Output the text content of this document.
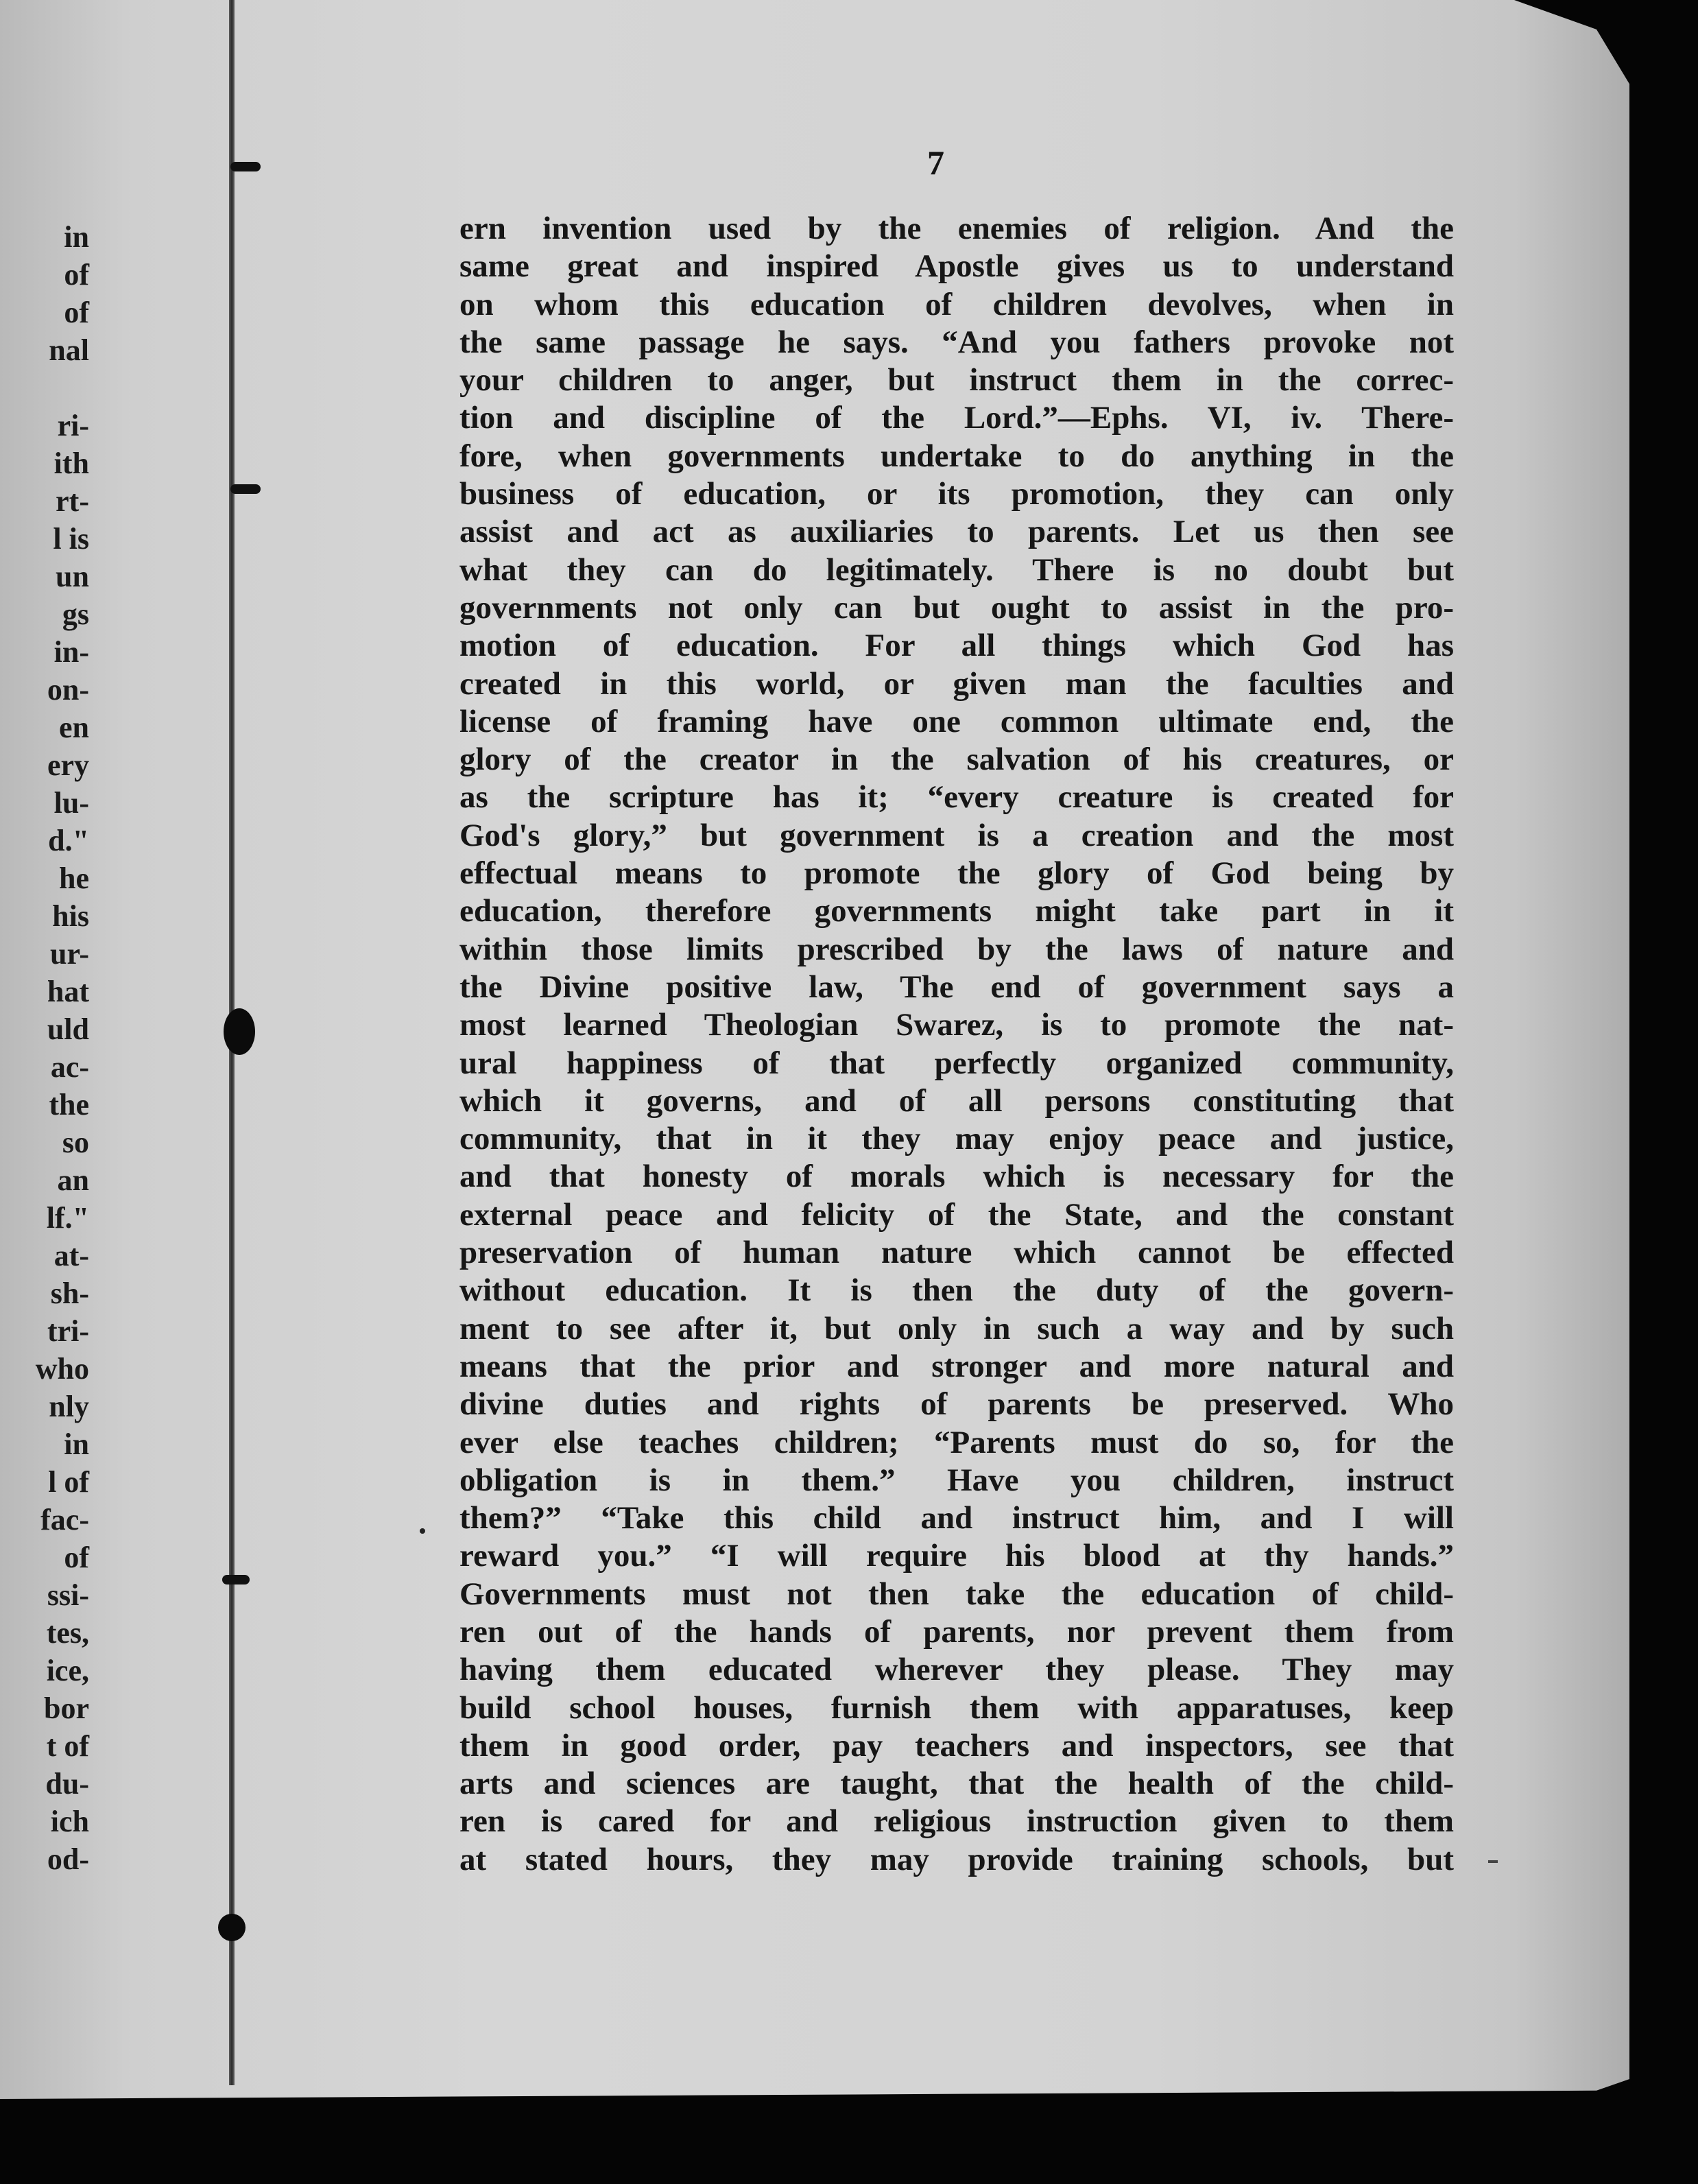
in
of
of
nal

ri-
ith
rt-
l is
un
gs
in-
on-
en
ery
lu-
d."
he
his
ur-
hat
uld
ac-
the
so
an
lf."
at-
sh-
tri-
who
nly
in
l of
fac-
of
ssi-
tes,
ice,
bor
t of
du-
ich
od-
7
ern invention used by the enemies of religion. And the
same great and inspired Apostle gives us to understand
on whom this education of children devolves, when in
the same passage he says. “And you fathers provoke not
your children to anger, but instruct them in the correc-
tion and discipline of the Lord.”—Ephs. VI, iv. There-
fore, when governments undertake to do anything in the
business of education, or its promotion, they can only
assist and act as auxiliaries to parents. Let us then see
what they can do legitimately. There is no doubt but
governments not only can but ought to assist in the pro-
motion of education. For all things which God has
created in this world, or given man the faculties and
license of framing have one common ultimate end, the
glory of the creator in the salvation of his creatures, or
as the scripture has it; “every creature is created for
God's glory,” but government is a creation and the most
effectual means to promote the glory of God being by
education, therefore governments might take part in it
within those limits prescribed by the laws of nature and
the Divine positive law, The end of government says a
most learned Theologian Swarez, is to promote the nat-
ural happiness of that perfectly organized community,
which it governs, and of all persons constituting that
community, that in it they may enjoy peace and justice,
and that honesty of morals which is necessary for the
external peace and felicity of the State, and the constant
preservation of human nature which cannot be effected
without education. It is then the duty of the govern-
ment to see after it, but only in such a way and by such
means that the prior and stronger and more natural and
divine duties and rights of parents be preserved. Who
ever else teaches children; “Parents must do so, for the
obligation is in them.” Have you children, instruct
them?” “Take this child and instruct him, and I will
reward you.” “I will require his blood at thy hands.”
Governments must not then take the education of child-
ren out of the hands of parents, nor prevent them from
having them educated wherever they please. They may
build school houses, furnish them with apparatuses, keep
them in good order, pay teachers and inspectors, see that
arts and sciences are taught, that the health of the child-
ren is cared for and religious instruction given to them
at stated hours, they may provide training schools, but
